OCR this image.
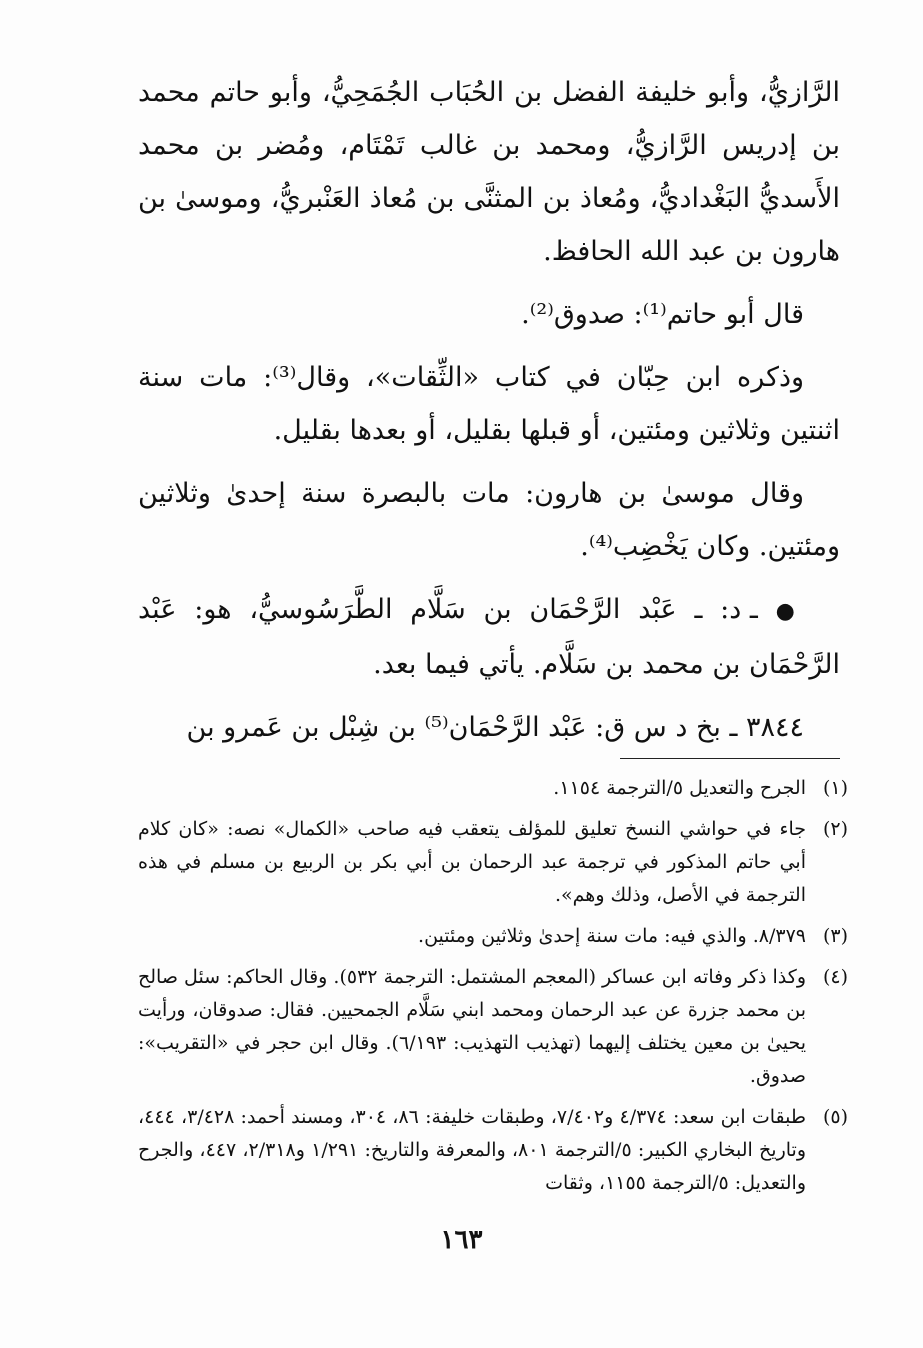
الرَّازيُّ، وأبو خليفة الفضل بن الحُبَاب الجُمَحِيُّ، وأبو حاتم محمد بن إدريس الرَّازيُّ، ومحمد بن غالب تَمْتَام، ومُضر بن محمد الأَسديُّ البَغْداديُّ، ومُعاذ بن المثنَّى بن مُعاذ العَنْبريُّ، وموسىٰ بن هارون بن عبد الله الحافظ.

قال أبو حاتم⁽¹⁾: صدوق⁽²⁾.

وذكره ابن حِبّان في كتاب «الثِّقات»، وقال⁽³⁾: مات سنة اثنتين وثلاثين ومئتين، أو قبلها بقليل، أو بعدها بقليل.

وقال موسىٰ بن هارون: مات بالبصرة سنة إحدىٰ وثلاثين ومئتين. وكان يَخْضِب⁽⁴⁾.

● ـ د: ـ عَبْد الرَّحْمَان بن سَلَّام الطَّرَسُوسيُّ، هو: عَبْد الرَّحْمَان بن محمد بن سَلَّام. يأتي فيما بعد.

٣٨٤٤ ـ بخ د س ق: عَبْد الرَّحْمَان⁽⁵⁾ بن شِبْل بن عَمرو بن

(١)
الجرح والتعديل ٥/الترجمة ١١٥٤.
(٢)
جاء في حواشي النسخ تعليق للمؤلف يتعقب فيه صاحب «الكمال» نصه: «كان كلام أبي حاتم المذكور في ترجمة عبد الرحمان بن أبي بكر بن الربيع بن مسلم في هذه الترجمة في الأصل، وذلك وهم».
(٣)
٨/٣٧٩. والذي فيه: مات سنة إحدىٰ وثلاثين ومئتين.
(٤)
وكذا ذكر وفاته ابن عساكر (المعجم المشتمل: الترجمة ٥٣٢). وقال الحاكم: سئل صالح بن محمد جزرة عن عبد الرحمان ومحمد ابني سَلَّام الجمحيين. فقال: صدوقان، ورأيت يحيىٰ بن معين يختلف إليهما (تهذيب التهذيب: ٦/١٩٣). وقال ابن حجر في «التقريب»: صدوق.
(٥)
طبقات ابن سعد: ٤/٣٧٤ و٧/٤٠٢، وطبقات خليفة: ٨٦، ٣٠٤، ومسند أحمد: ٣/٤٢٨، ٤٤٤، وتاريخ البخاري الكبير: ٥/الترجمة ٨٠١، والمعرفة والتاريخ: ١/٢٩١ و٢/٣١٨، ٤٤٧، والجرح والتعديل: ٥/الترجمة ١١٥٥، وثقات
١٦٣
